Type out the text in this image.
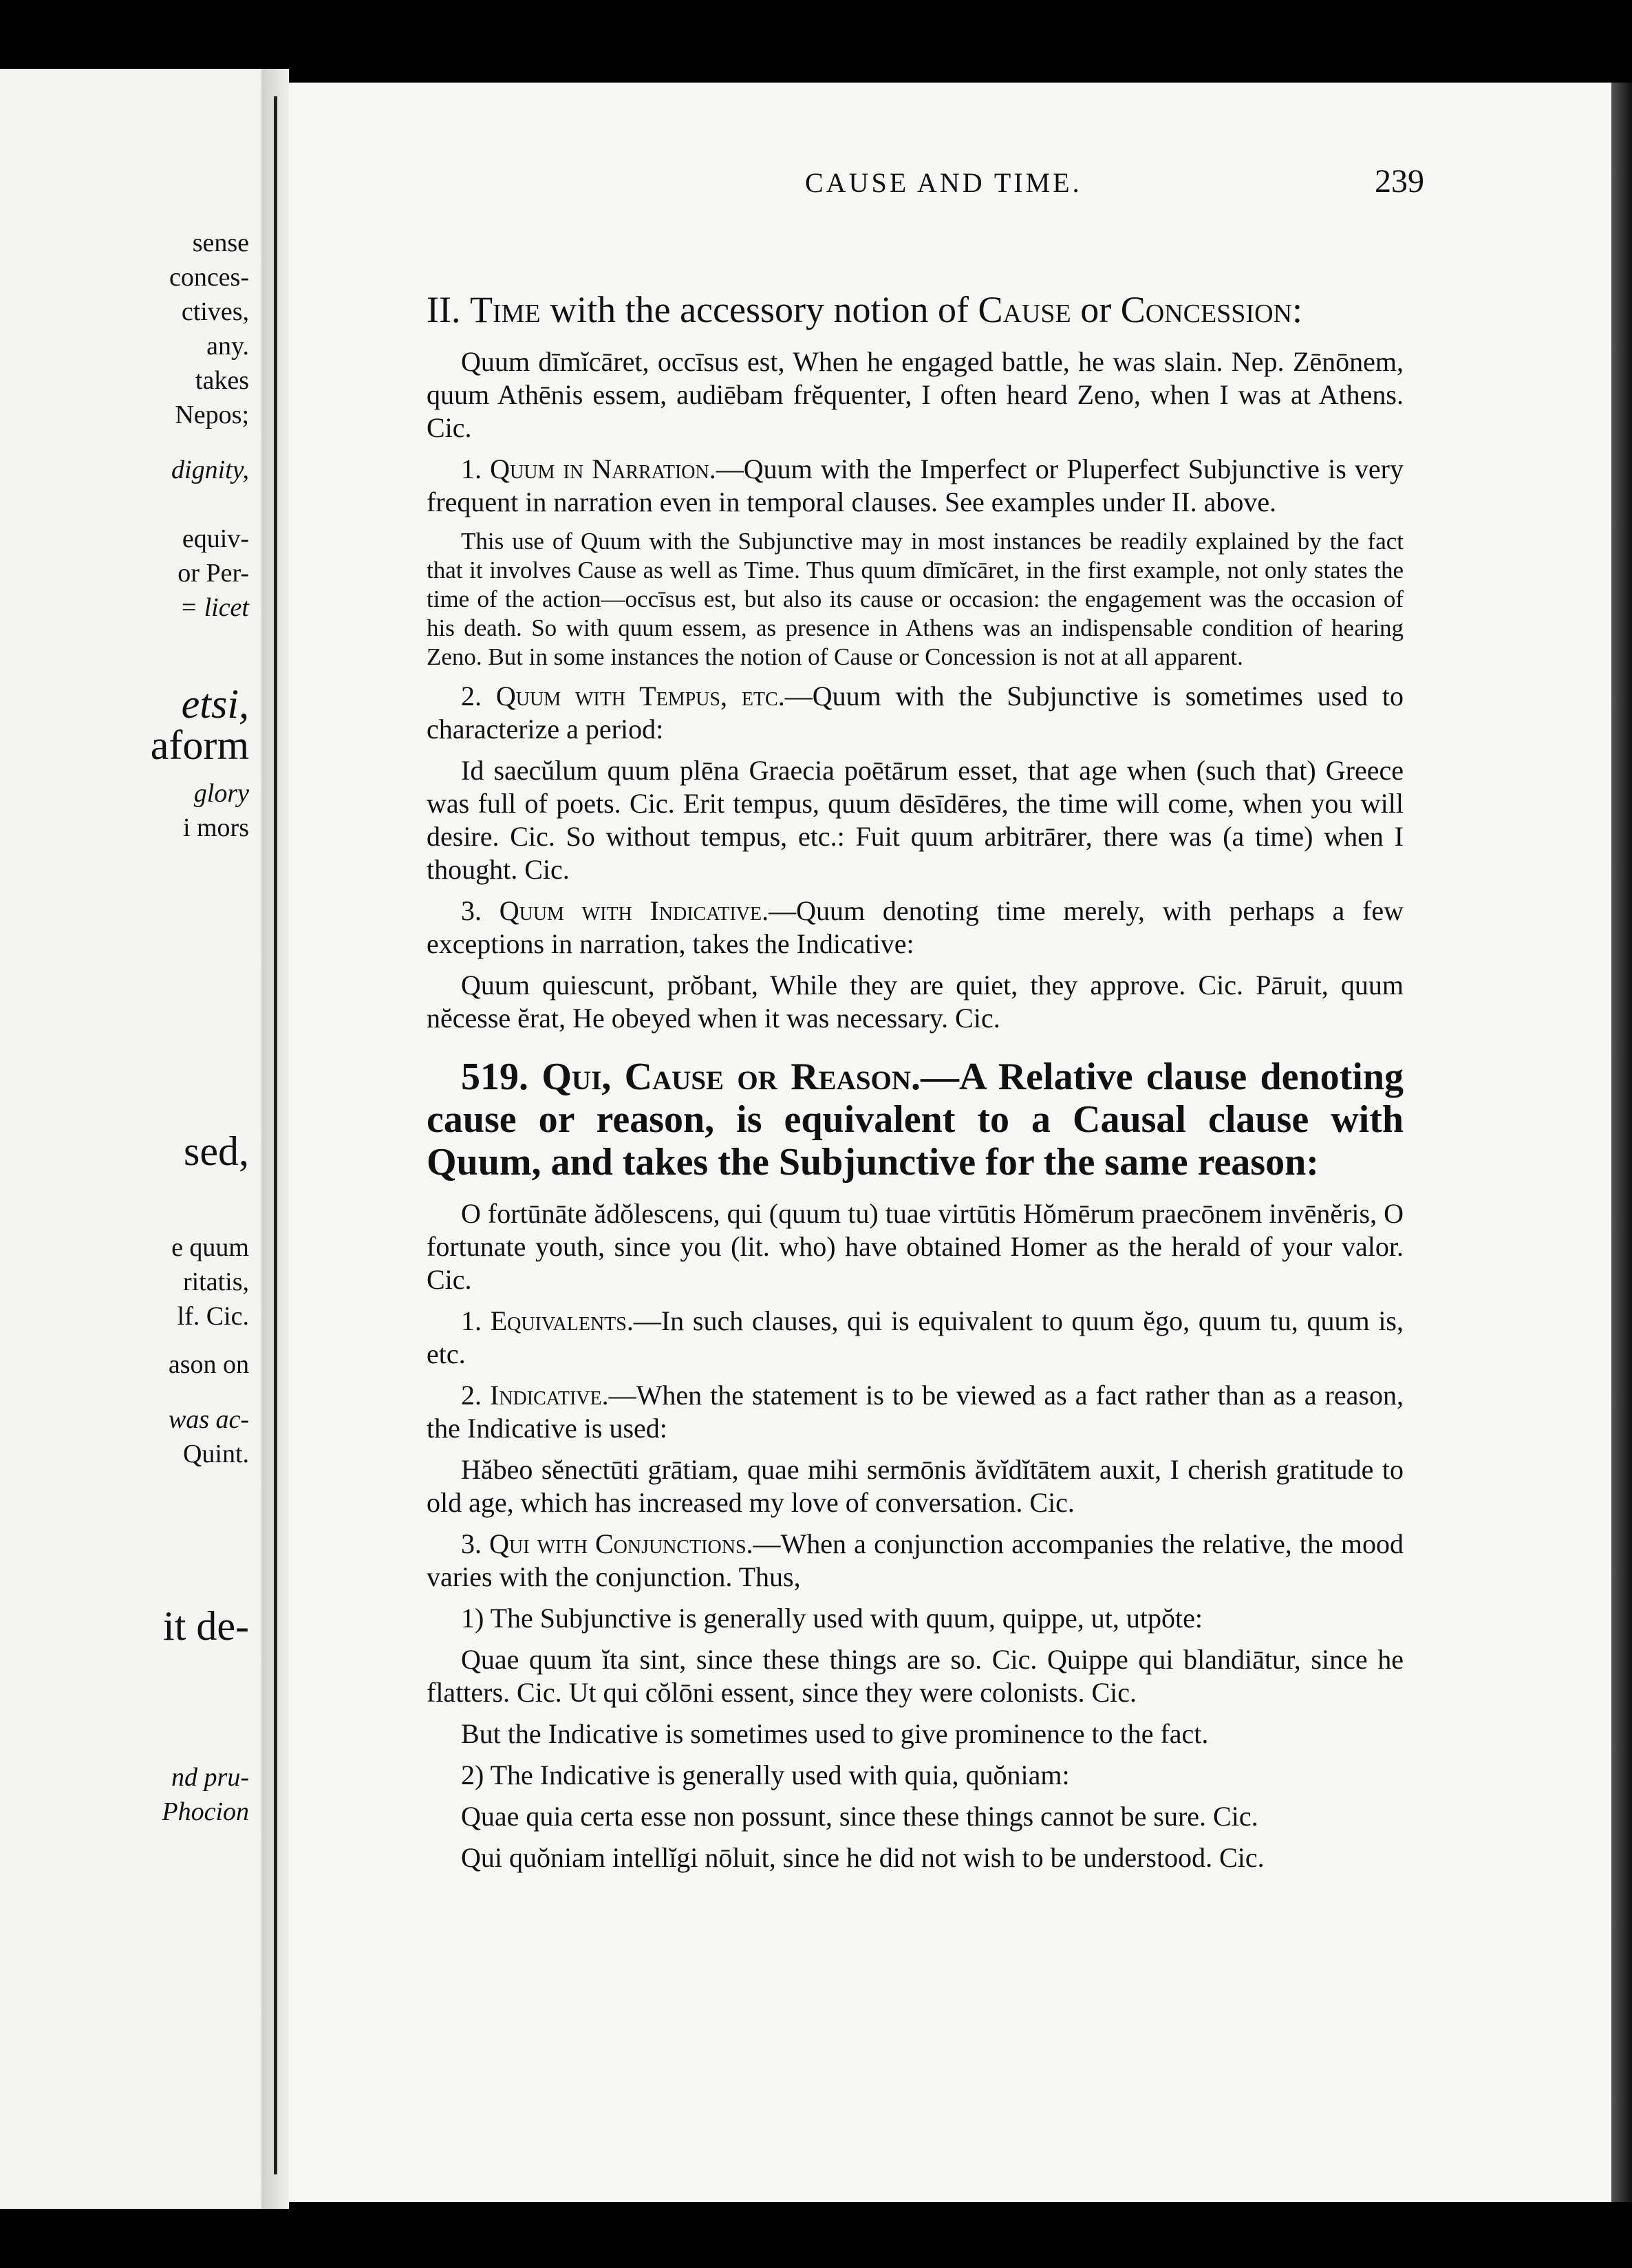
sense
conces-
ctives,
any.
takes
Nepos;
dignity,
equiv-
or Per-
= licet
etsi,
aform
glory
i mors
sed,
e quum
ritatis,
lf. Cic.
ason on
was ac-
Quint.
it de-
nd pru-
Phocion
CAUSE AND TIME.	239

II. Time with the accessory notion of Cause or Concession:

Quum dīmĭcāret, occīsus est, When he engaged battle, he was slain. Nep. Zēnōnem, quum Athēnis essem, audiēbam frĕquenter, I often heard Zeno, when I was at Athens. Cic.

1. Quum in Narration.—Quum with the Imperfect or Pluperfect Subjunctive is very frequent in narration even in temporal clauses. See examples under II. above.

This use of Quum with the Subjunctive may in most instances be readily explained by the fact that it involves Cause as well as Time. Thus quum dīmĭcāret, in the first example, not only states the time of the action—occīsus est, but also its cause or occasion: the engagement was the occasion of his death. So with quum essem, as presence in Athens was an indispensable condition of hearing Zeno. But in some instances the notion of Cause or Concession is not at all apparent.

2. Quum with Tempus, etc.—Quum with the Subjunctive is sometimes used to characterize a period:

Id saecŭlum quum plēna Graecia poētārum esset, that age when (such that) Greece was full of poets. Cic. Erit tempus, quum dēsīdēres, the time will come, when you will desire. Cic. So without tempus, etc.: Fuit quum arbitrārer, there was (a time) when I thought. Cic.

3. Quum with Indicative.—Quum denoting time merely, with perhaps a few exceptions in narration, takes the Indicative:

Quum quiescunt, prŏbant, While they are quiet, they approve. Cic. Pāruit, quum nĕcesse ĕrat, He obeyed when it was necessary. Cic.

519. Qui, Cause or Reason.—A Relative clause denoting cause or reason, is equivalent to a Causal clause with Quum, and takes the Subjunctive for the same reason:

O fortūnāte ădŏlescens, qui (quum tu) tuae virtūtis Hŏmērum praecōnem invēnĕris, O fortunate youth, since you (lit. who) have obtained Homer as the herald of your valor. Cic.

1. Equivalents.—In such clauses, qui is equivalent to quum ĕgo, quum tu, quum is, etc.

2. Indicative.—When the statement is to be viewed as a fact rather than as a reason, the Indicative is used:

Hăbeo sĕnectūti grātiam, quae mihi sermōnis ăvĭdĭtātem auxit, I cherish gratitude to old age, which has increased my love of conversation. Cic.

3. Qui with Conjunctions.—When a conjunction accompanies the relative, the mood varies with the conjunction. Thus,

1) The Subjunctive is generally used with quum, quippe, ut, utpŏte:

Quae quum ĭta sint, since these things are so. Cic. Quippe qui blandiātur, since he flatters. Cic. Ut qui cŏlōni essent, since they were colonists. Cic.

But the Indicative is sometimes used to give prominence to the fact.

2) The Indicative is generally used with quia, quŏniam:

Quae quia certa esse non possunt, since these things cannot be sure. Cic.

Qui quŏniam intellĭgi nōluit, since he did not wish to be understood. Cic.
